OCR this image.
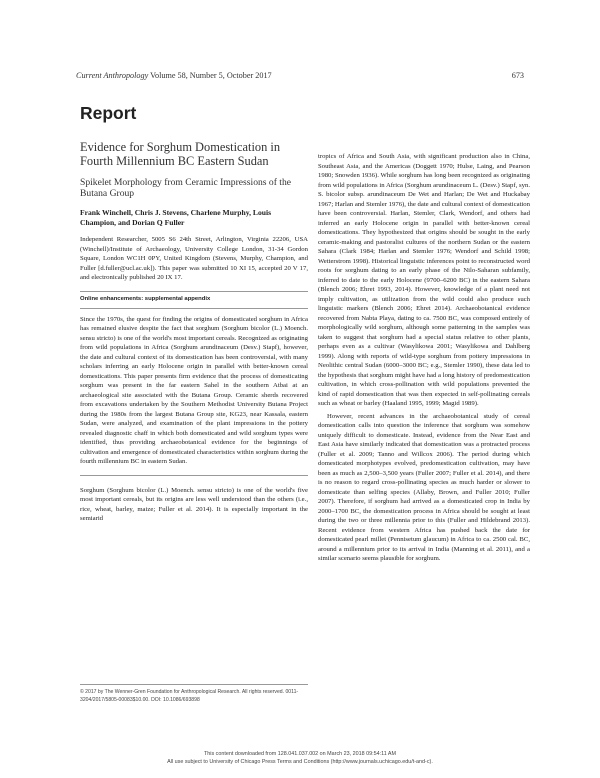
Current Anthropology Volume 58, Number 5, October 2017	673
Report
Evidence for Sorghum Domestication in Fourth Millennium BC Eastern Sudan
Spikelet Morphology from Ceramic Impressions of the Butana Group

Frank Winchell, Chris J. Stevens, Charlene Murphy, Louis Champion, and Dorian Q Fuller

Independent Researcher, 5005 S6 24th Street, Arlington, Virginia 22206, USA (Winchell)/Institute of Archaeology, University College London, 31-34 Gordon Square, London WC1H 0PY, United Kingdom (Stevens, Murphy, Champion, and Fuller [d.fuller@ucl.ac.uk]). This paper was submitted 10 XI 15, accepted 20 V 17, and electronically published 20 IX 17.

Online enhancements: supplemental appendix

Since the 1970s, the quest for finding the origins of domesticated sorghum in Africa has remained elusive despite the fact that sorghum (Sorghum bicolor (L.) Moench. sensu stricto) is one of the world's most important cereals. Recognized as originating from wild populations in Africa (Sorghum arundinaceum (Desv.) Stapf), however, the date and cultural context of its domestication has been controversial, with many scholars inferring an early Holocene origin in parallel with better-known cereal domestications. This paper presents firm evidence that the process of domesticating sorghum was present in the far eastern Sahel in the southern Atbai at an archaeological site associated with the Butana Group. Ceramic sherds recovered from excavations undertaken by the Southern Methodist University Butana Project during the 1980s from the largest Butana Group site, KG23, near Kassala, eastern Sudan, were analyzed, and examination of the plant impressions in the pottery revealed diagnostic chaff in which both domesticated and wild sorghum types were identified, thus providing archaeobotanical evidence for the beginnings of cultivation and emergence of domesticated characteristics within sorghum during the fourth millennium BC in eastern Sudan.

Sorghum (Sorghum bicolor (L.) Moench. sensu stricto) is one of the world's five most important cereals, but its origins are less well understood than the others (i.e., rice, wheat, barley, maize; Fuller et al. 2014). It is especially important in the semiarid

© 2017 by The Wenner-Gren Foundation for Anthropological Research. All rights reserved. 0011-3204/2017/5805-00083$10.00. DOI: 10.1086/693898

tropics of Africa and South Asia, with significant production also in China, Southeast Asia, and the Americas (Doggett 1970; Hulse, Laing, and Pearson 1980; Snowden 1936). While sorghum has long been recognized as originating from wild populations in Africa (Sorghum arundinaceum L. (Desv.) Stapf, syn. S. bicolor subsp. arundinaceum De Wet and Harlan; De Wet and Huckabay 1967; Harlan and Stemler 1976), the date and cultural context of domestication have been controversial. Harlan, Stemler, Clark, Wendorf, and others had inferred an early Holocene origin in parallel with better-known cereal domestications. They hypothesized that origins should be sought in the early ceramic-making and pastoralist cultures of the northern Sudan or the eastern Sahara (Clark 1984; Harlan and Stemler 1976; Wendorf and Schild 1998; Wetterstrom 1998). Historical linguistic inferences point to reconstructed word roots for sorghum dating to an early phase of the Nilo-Saharan subfamily, inferred to date to the early Holocene (9700–6200 BC) in the eastern Sahara (Blench 2006; Ehret 1993, 2014). However, knowledge of a plant need not imply cultivation, as utilization from the wild could also produce such linguistic markers (Blench 2006; Ehret 2014). Archaeobotanical evidence recovered from Nabta Playa, dating to ca. 7500 BC, was composed entirely of morphologically wild sorghum, although some patterning in the samples was taken to suggest that sorghum had a special status relative to other plants, perhaps even as a cultivar (Wasylikowa 2001; Wasylikowa and Dahlberg 1999). Along with reports of wild-type sorghum from pottery impressions in Neolithic central Sudan (6000–3000 BC; e.g., Stemler 1990), these data led to the hypothesis that sorghum might have had a long history of predomestication cultivation, in which cross-pollination with wild populations prevented the kind of rapid domestication that was then expected in self-pollinating cereals such as wheat or barley (Haaland 1995, 1999; Magid 1989).

However, recent advances in the archaeobotanical study of cereal domestication calls into question the inference that sorghum was somehow uniquely difficult to domesticate. Instead, evidence from the Near East and East Asia have similarly indicated that domestication was a protracted process (Fuller et al. 2009; Tanno and Willcox 2006). The period during which domesticated morphotypes evolved, predomestication cultivation, may have been as much as 2,500–3,500 years (Fuller 2007; Fuller et al. 2014), and there is no reason to regard cross-pollinating species as much harder or slower to domesticate than selfing species (Allaby, Brown, and Fuller 2010; Fuller 2007). Therefore, if sorghum had arrived as a domesticated crop in India by 2000–1700 BC, the domestication process in Africa should be sought at least during the two or three millennia prior to this (Fuller and Hildebrand 2013). Recent evidence from western Africa has pushed back the date for domesticated pearl millet (Pennisetum glaucum) in Africa to ca. 2500 cal. BC, around a millennium prior to its arrival in India (Manning et al. 2011), and a similar scenario seems plausible for sorghum.

This content downloaded from 128.041.037.002 on March 23, 2018 09:54:11 AM
All use subject to University of Chicago Press Terms and Conditions (http://www.journals.uchicago.edu/t-and-c).
